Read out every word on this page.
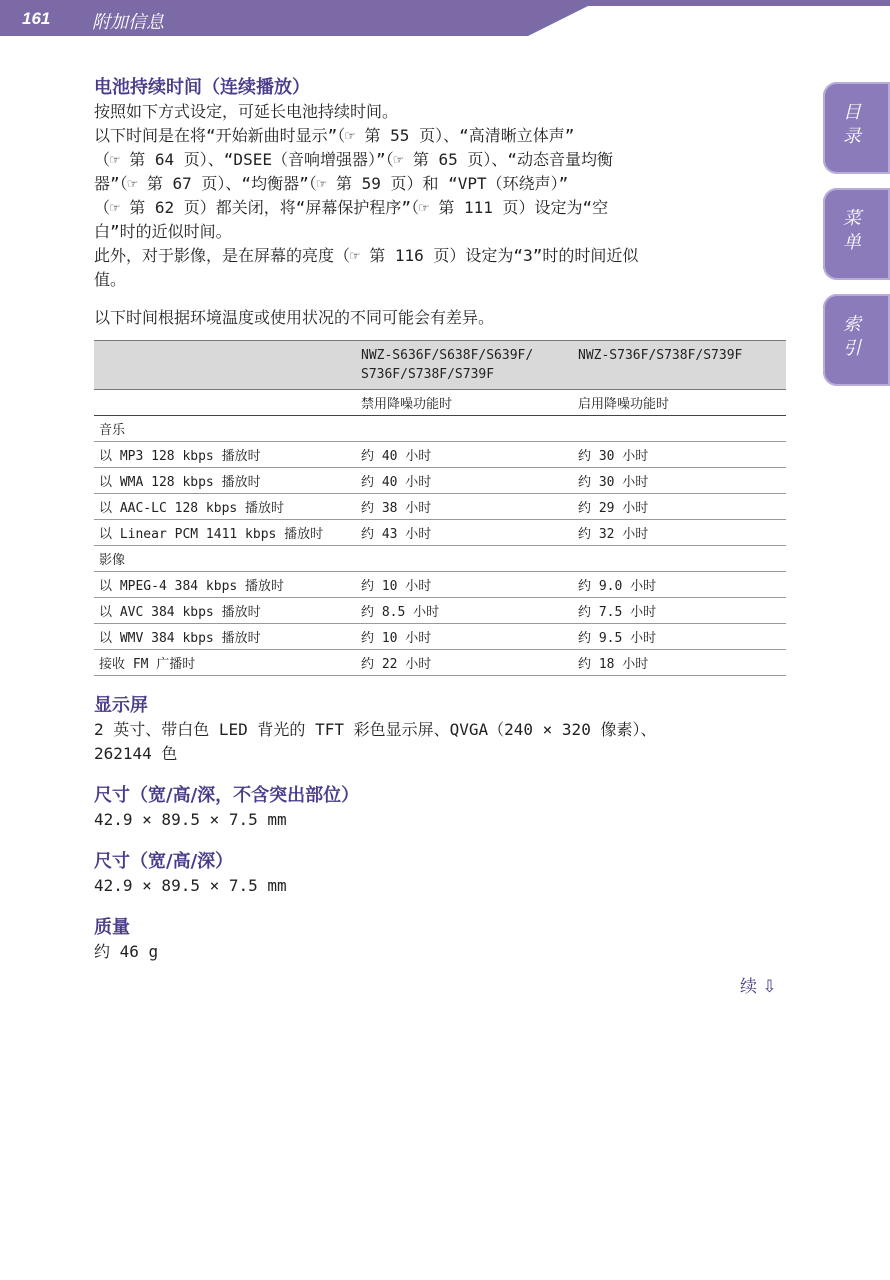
161 附加信息
目录
菜单
索引
电池持续时间（连续播放）

按照如下方式设定，可延长电池持续时间。

以下时间是在将“开始新曲时显示”（☞ 第 55 页）、“高清晰立体声”
（☞ 第 64 页）、“DSEE（音响增强器）”（☞ 第 65 页）、“动态音量均衡
器”（☞ 第 67 页）、“均衡器”（☞ 第 59 页）和 “VPT（环绕声）”
（☞ 第 62 页）都关闭，将“屏幕保护程序”（☞ 第 111 页）设定为“空
白”时的近似时间。

此外，对于影像，是在屏幕的亮度（☞ 第 116 页）设定为“3”时的时间近似
值。

以下时间根据环境温度或使用状况的不同可能会有差异。

	NWZ-S636F/S638F/S639F/
S736F/S738F/S739F	NWZ-S736F/S738F/S739F
	禁用降噪功能时	启用降噪功能时
音乐		
以 MP3 128 kbps 播放时	约 40 小时	约 30 小时
以 WMA 128 kbps 播放时	约 40 小时	约 30 小时
以 AAC-LC 128 kbps 播放时	约 38 小时	约 29 小时
以 Linear PCM 1411 kbps 播放时	约 43 小时	约 32 小时
影像		
以 MPEG-4 384 kbps 播放时	约 10 小时	约 9.0 小时
以 AVC 384 kbps 播放时	约 8.5 小时	约 7.5 小时
以 WMV 384 kbps 播放时	约 10 小时	约 9.5 小时
接收 FM 广播时	约 22 小时	约 18 小时
显示屏

2 英寸、带白色 LED 背光的 TFT 彩色显示屏、QVGA（240 × 320 像素）、
262144 色

尺寸（宽/高/深，不含突出部位）

42.9 × 89.5 × 7.5 mm

尺寸（宽/高/深）

42.9 × 89.5 × 7.5 mm

质量

约 46 g

续 ⇩
